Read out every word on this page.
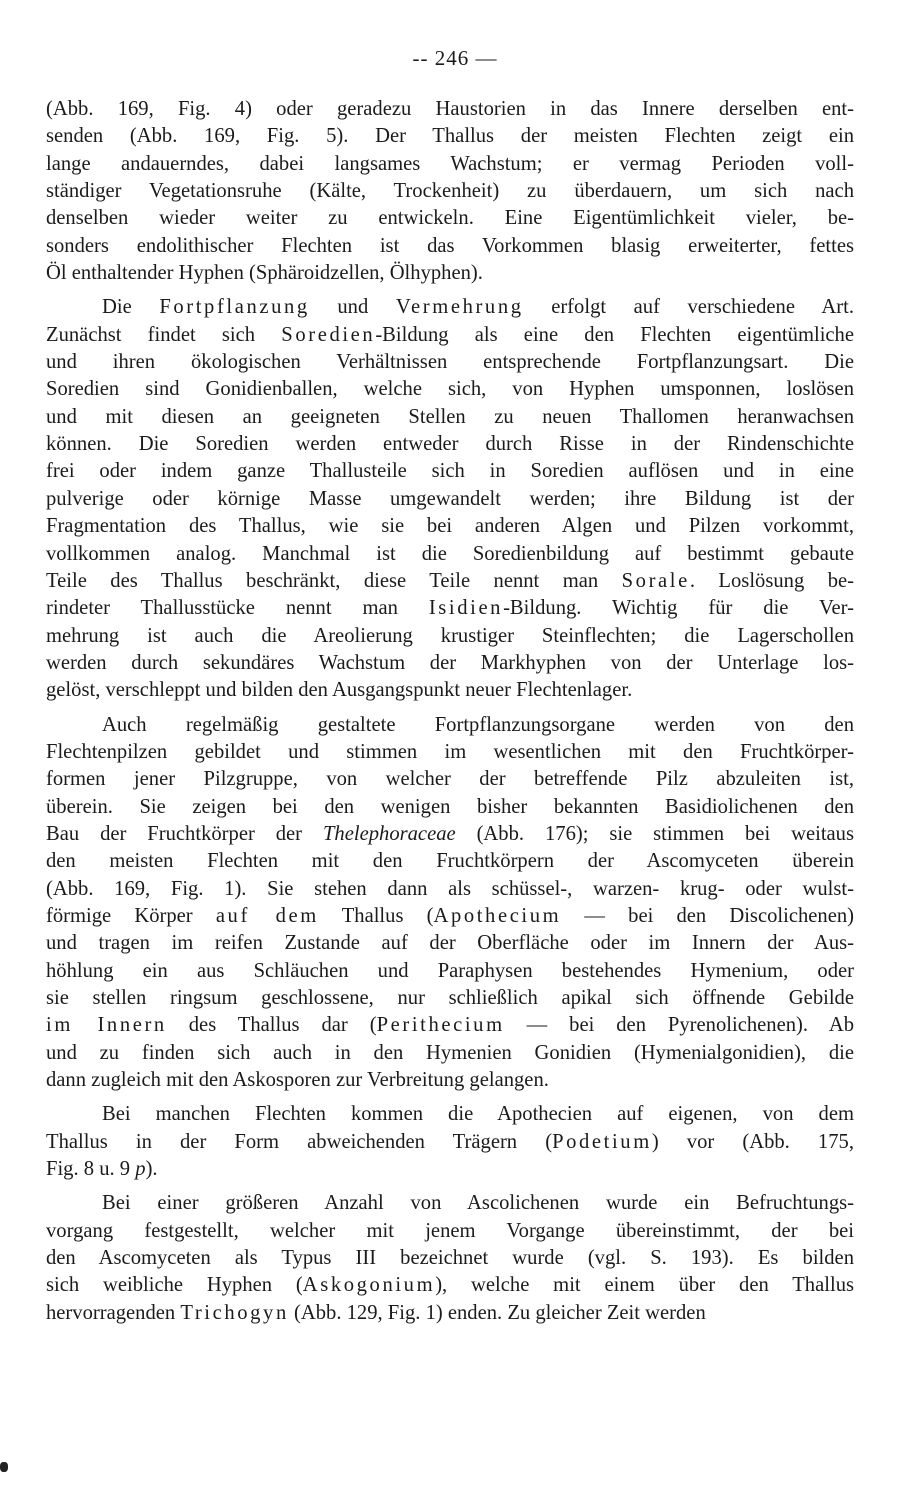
-- 246 —

(Abb. 169, Fig. 4) oder geradezu Haustorien in das Innere derselben ent-
senden (Abb. 169, Fig. 5). Der Thallus der meisten Flechten zeigt ein
lange andauerndes, dabei langsames Wachstum; er vermag Perioden voll-
ständiger Vegetationsruhe (Kälte, Trockenheit) zu überdauern, um sich nach
denselben wieder weiter zu entwickeln. Eine Eigentümlichkeit vieler, be-
sonders endolithischer Flechten ist das Vorkommen blasig erweiterter, fettes
Öl enthaltender Hyphen (Sphäroidzellen, Ölhyphen).

Die Fortpflanzung und Vermehrung erfolgt auf verschiedene Art.
Zunächst findet sich Soredien-Bildung als eine den Flechten eigentümliche
und ihren ökologischen Verhältnissen entsprechende Fortpflanzungsart. Die
Soredien sind Gonidienballen, welche sich, von Hyphen umsponnen, loslösen
und mit diesen an geeigneten Stellen zu neuen Thallomen heranwachsen
können. Die Soredien werden entweder durch Risse in der Rindenschichte
frei oder indem ganze Thallusteile sich in Soredien auflösen und in eine
pulverige oder körnige Masse umgewandelt werden; ihre Bildung ist der
Fragmentation des Thallus, wie sie bei anderen Algen und Pilzen vorkommt,
vollkommen analog. Manchmal ist die Soredienbildung auf bestimmt gebaute
Teile des Thallus beschränkt, diese Teile nennt man Sorale. Loslösung be-
rindeter Thallusstücke nennt man Isidien-Bildung. Wichtig für die Ver-
mehrung ist auch die Areolierung krustiger Steinflechten; die Lagerschollen
werden durch sekundäres Wachstum der Markhyphen von der Unterlage los-
gelöst, verschleppt und bilden den Ausgangspunkt neuer Flechtenlager.

Auch regelmäßig gestaltete Fortpflanzungsorgane werden von den
Flechtenpilzen gebildet und stimmen im wesentlichen mit den Fruchtkörper-
formen jener Pilzgruppe, von welcher der betreffende Pilz abzuleiten ist,
überein. Sie zeigen bei den wenigen bisher bekannten Basidiolichenen den
Bau der Fruchtkörper der Thelephoraceae (Abb. 176); sie stimmen bei weitaus
den meisten Flechten mit den Fruchtkörpern der Ascomyceten überein
(Abb. 169, Fig. 1). Sie stehen dann als schüssel-, warzen- krug- oder wulst-
förmige Körper auf dem Thallus (Apothecium — bei den Discolichenen)
und tragen im reifen Zustande auf der Oberfläche oder im Innern der Aus-
höhlung ein aus Schläuchen und Paraphysen bestehendes Hymenium, oder
sie stellen ringsum geschlossene, nur schließlich apikal sich öffnende Gebilde
im Innern des Thallus dar (Perithecium — bei den Pyrenolichenen). Ab
und zu finden sich auch in den Hymenien Gonidien (Hymenialgonidien), die
dann zugleich mit den Askosporen zur Verbreitung gelangen.

Bei manchen Flechten kommen die Apothecien auf eigenen, von dem
Thallus in der Form abweichenden Trägern (Podetium) vor (Abb. 175,
Fig. 8 u. 9 p).

Bei einer größeren Anzahl von Ascolichenen wurde ein Befruchtungs-
vorgang festgestellt, welcher mit jenem Vorgange übereinstimmt, der bei
den Ascomyceten als Typus III bezeichnet wurde (vgl. S. 193). Es bilden
sich weibliche Hyphen (Askogonium), welche mit einem über den Thallus
hervorragenden Trichogyn (Abb. 129, Fig. 1) enden. Zu gleicher Zeit werden
